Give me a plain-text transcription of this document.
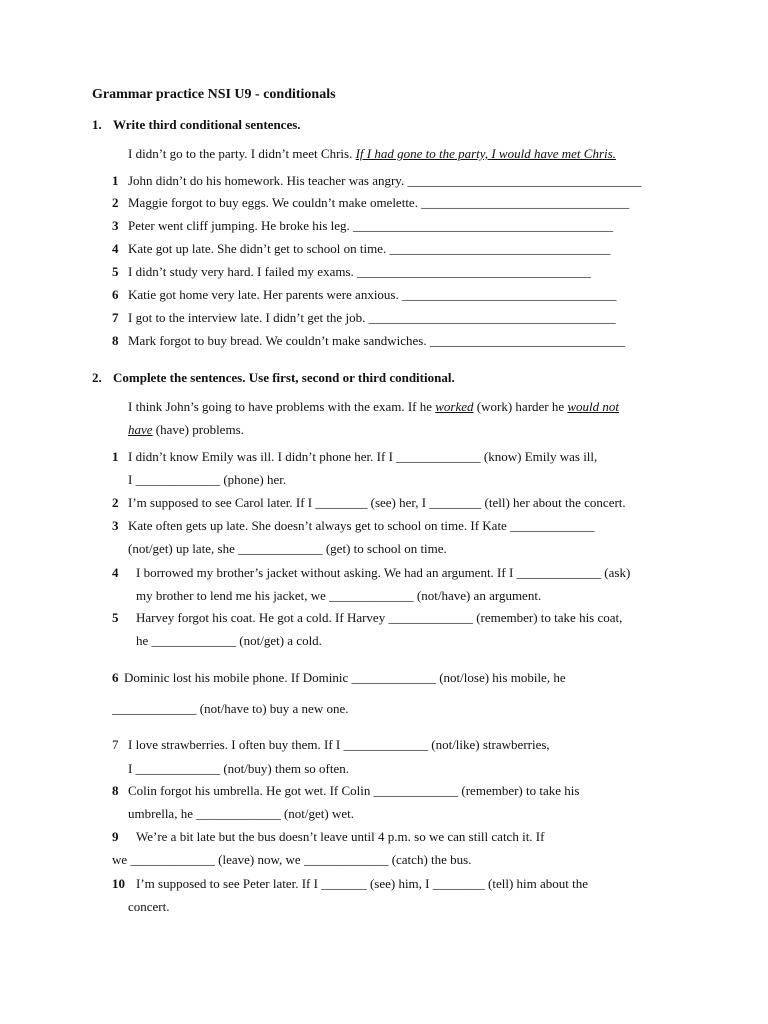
Grammar practice NSI U9 - conditionals
1. Write third conditional sentences.
I didn’t go to the party. I didn’t meet Chris. If I had gone to the party, I would have met Chris.
1 John didn’t do his homework. His teacher was angry. ____________________________________
2 Maggie forgot to buy eggs. We couldn’t make omelette. ________________________________
3 Peter went cliff jumping. He broke his leg. ________________________________________
4 Kate got up late. She didn’t get to school on time. __________________________________
5 I didn’t study very hard. I failed my exams. ____________________________________
6 Katie got home very late. Her parents were anxious. _________________________________
7 I got to the interview late. I didn’t get the job. ______________________________________
8 Mark forgot to buy bread. We couldn’t make sandwiches. ______________________________
2. Complete the sentences. Use first, second or third conditional.
I think John’s going to have problems with the exam. If he worked (work) harder he would not
have (have) problems.
1 I didn’t know Emily was ill. I didn’t phone her. If I _____________ (know) Emily was ill,
I _____________ (phone) her.
2 I’m supposed to see Carol later. If I ________ (see) her, I ________ (tell) her about the concert.
3 Kate often gets up late. She doesn’t always get to school on time. If Kate _____________
(not/get) up late, she _____________ (get) to school on time.
4 I borrowed my brother’s jacket without asking. We had an argument. If I _____________ (ask)
my brother to lend me his jacket, we _____________ (not/have) an argument.
5 Harvey forgot his coat. He got a cold. If Harvey _____________ (remember) to take his coat,
he _____________ (not/get) a cold.
6 Dominic lost his mobile phone. If Dominic _____________ (not/lose) his mobile, he
_____________ (not/have to) buy a new one.
7 I love strawberries. I often buy them. If I _____________ (not/like) strawberries,
I _____________ (not/buy) them so often.
8 Colin forgot his umbrella. He got wet. If Colin _____________ (remember) to take his
umbrella, he _____________ (not/get) wet.
9 We’re a bit late but the bus doesn’t leave until 4 p.m. so we can still catch it. If
we _____________ (leave) now, we _____________ (catch) the bus.
10 I’m supposed to see Peter later. If I _______ (see) him, I ________ (tell) him about the
concert.
